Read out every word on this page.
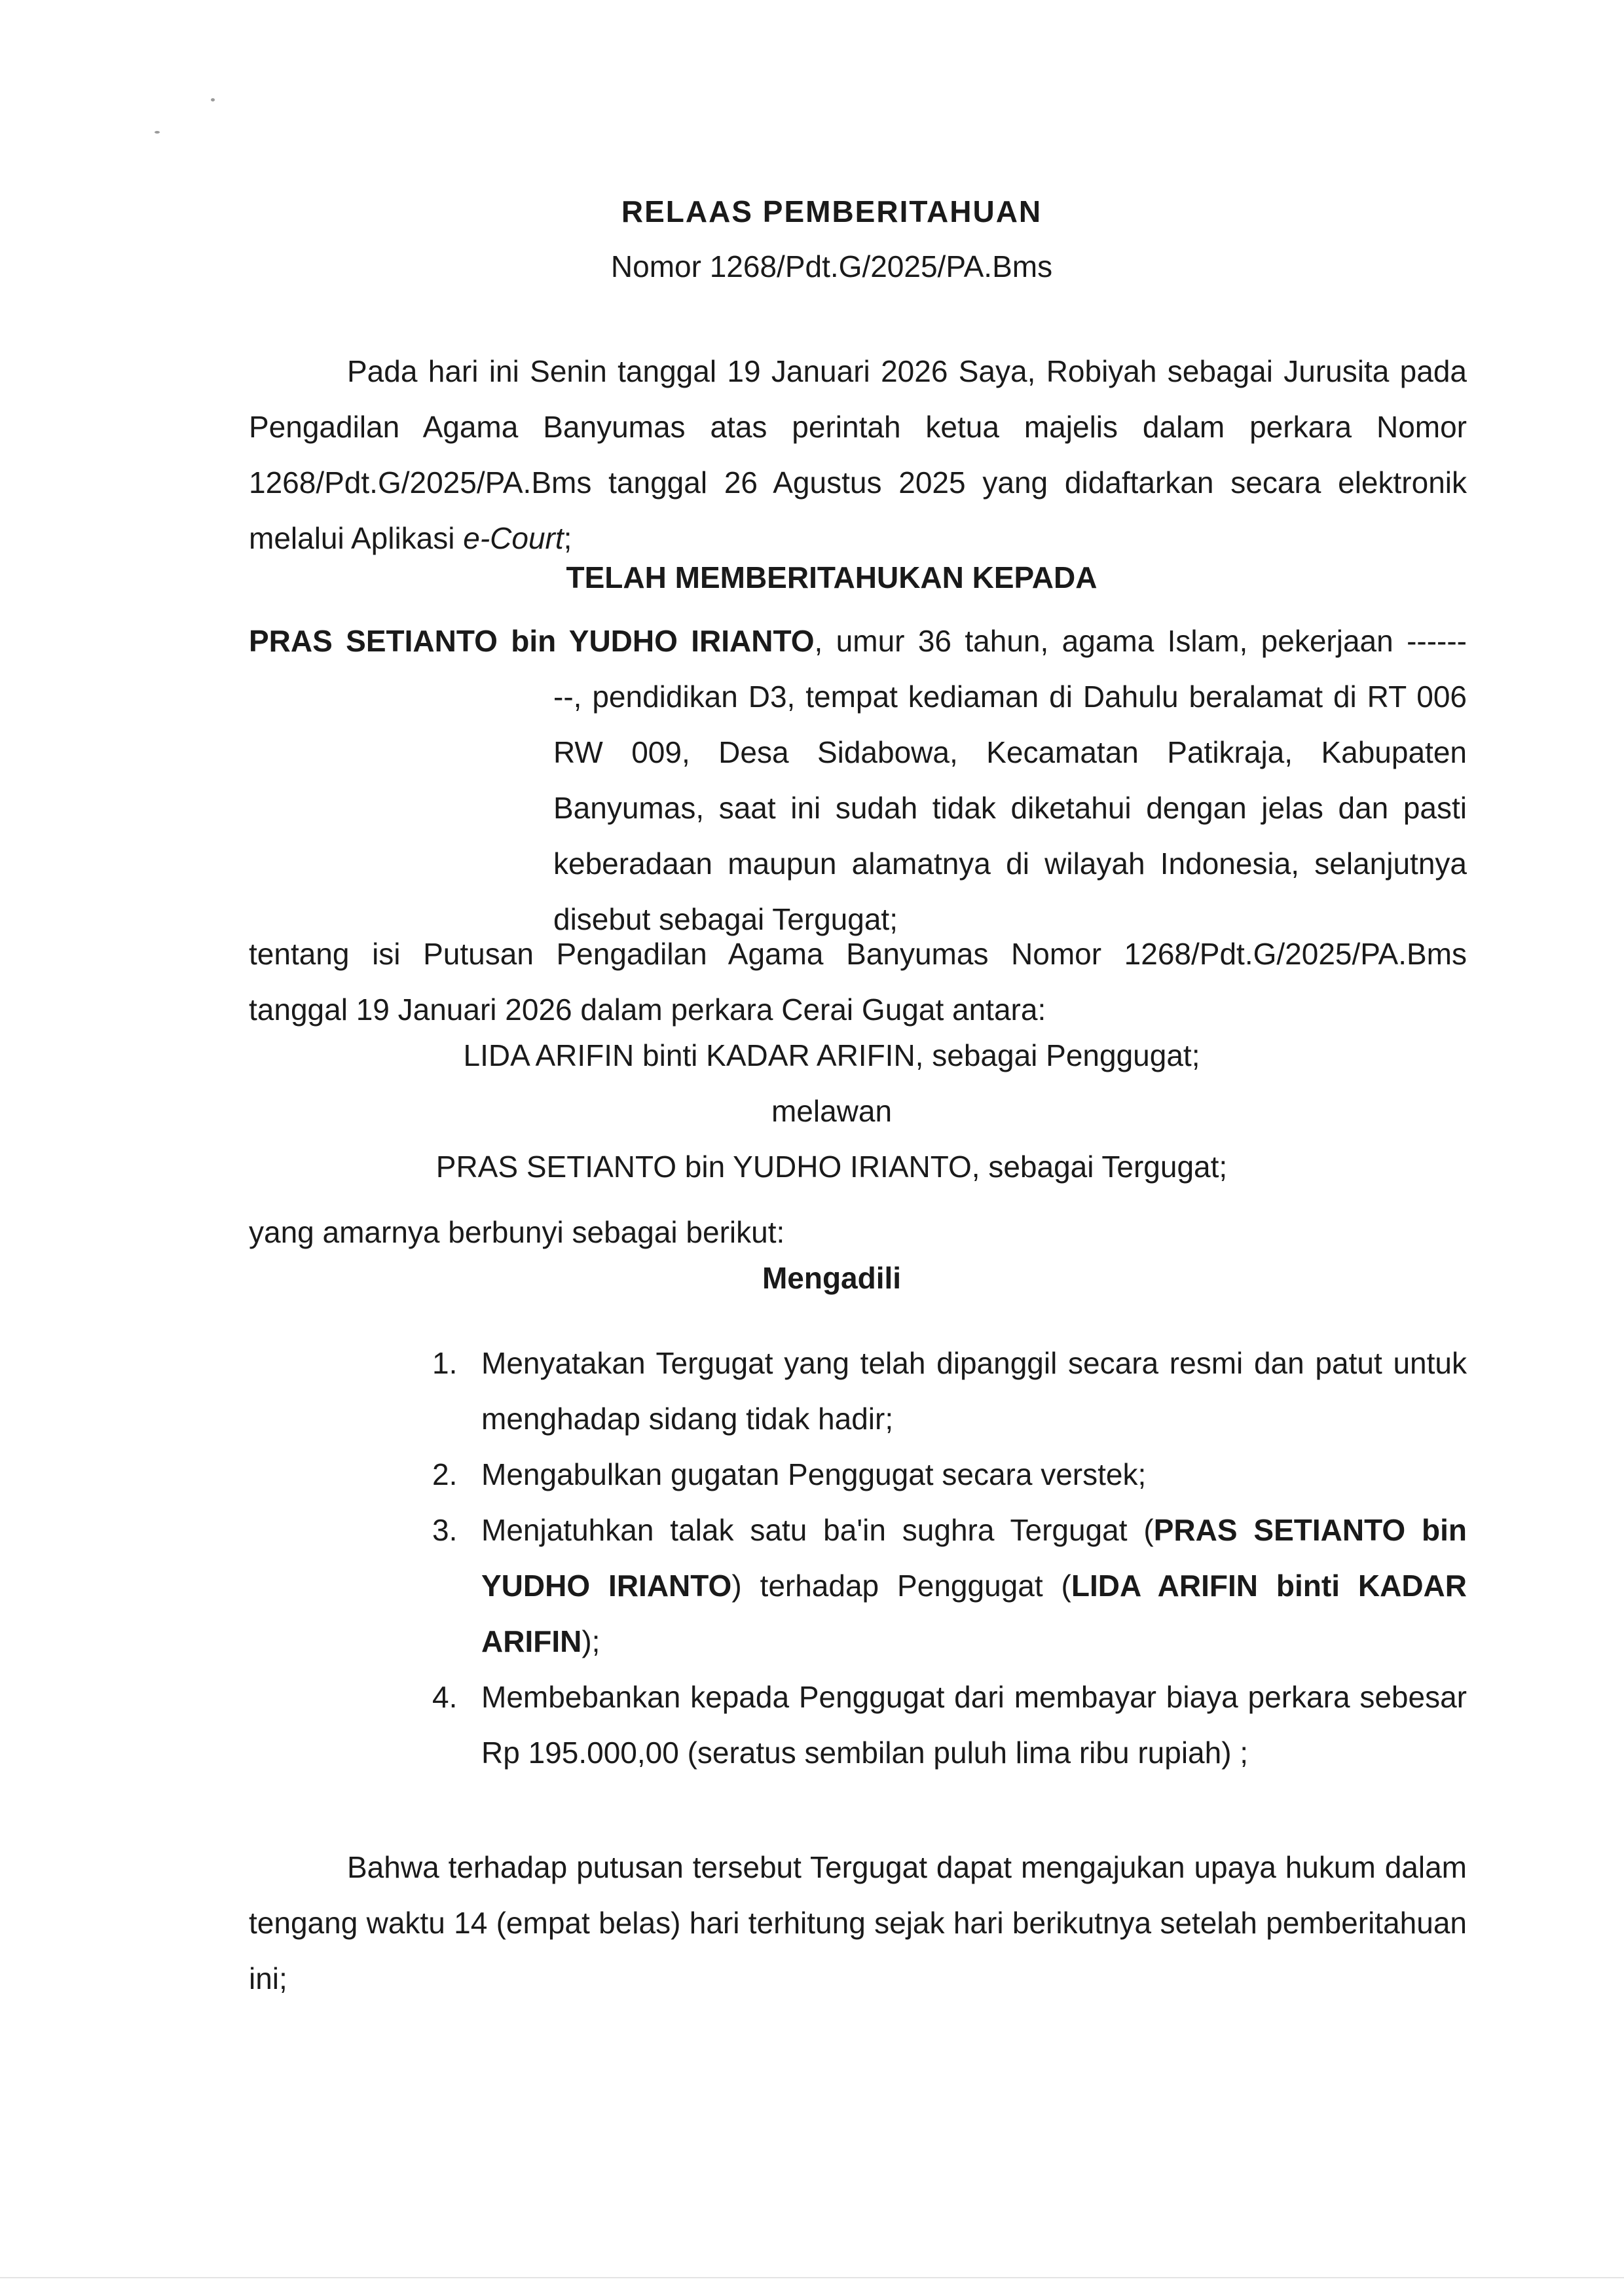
RELAAS PEMBERITAHUAN
Nomor 1268/Pdt.G/2025/PA.Bms
Pada hari ini Senin tanggal 19 Januari 2026 Saya, Robiyah sebagai Jurusita pada Pengadilan Agama Banyumas atas perintah ketua majelis dalam perkara Nomor 1268/Pdt.G/2025/PA.Bms tanggal 26 Agustus 2025 yang didaftarkan secara elektronik melalui Aplikasi e-Court;
TELAH MEMBERITAHUKAN KEPADA
PRAS SETIANTO bin YUDHO IRIANTO, umur 36 tahun, agama Islam, pekerjaan ------
--, pendidikan D3, tempat kediaman di Dahulu beralamat di RT 006 RW 009, Desa Sidabowa, Kecamatan Patikraja, Kabupaten Banyumas, saat ini sudah tidak diketahui dengan jelas dan pasti keberadaan maupun alamatnya di wilayah Indonesia, selanjutnya disebut sebagai Tergugat;
tentang isi Putusan Pengadilan Agama Banyumas Nomor 1268/Pdt.G/2025/PA.Bms tanggal 19 Januari 2026 dalam perkara Cerai Gugat antara:
LIDA ARIFIN binti KADAR ARIFIN, sebagai Penggugat;
melawan
PRAS SETIANTO bin YUDHO IRIANTO, sebagai Tergugat;
yang amarnya berbunyi sebagai berikut:
Mengadili
1. Menyatakan Tergugat yang telah dipanggil secara resmi dan patut untuk menghadap sidang tidak hadir;
2. Mengabulkan gugatan Penggugat secara verstek;
3. Menjatuhkan talak satu ba'in sughra Tergugat (PRAS SETIANTO bin YUDHO IRIANTO) terhadap Penggugat (LIDA ARIFIN binti KADAR ARIFIN);
4. Membebankan kepada Penggugat dari membayar biaya perkara sebesar Rp 195.000,00 (seratus sembilan puluh lima ribu rupiah) ;
Bahwa terhadap putusan tersebut Tergugat dapat mengajukan upaya hukum dalam tengang waktu 14 (empat belas) hari terhitung sejak hari berikutnya setelah pemberitahuan ini;
